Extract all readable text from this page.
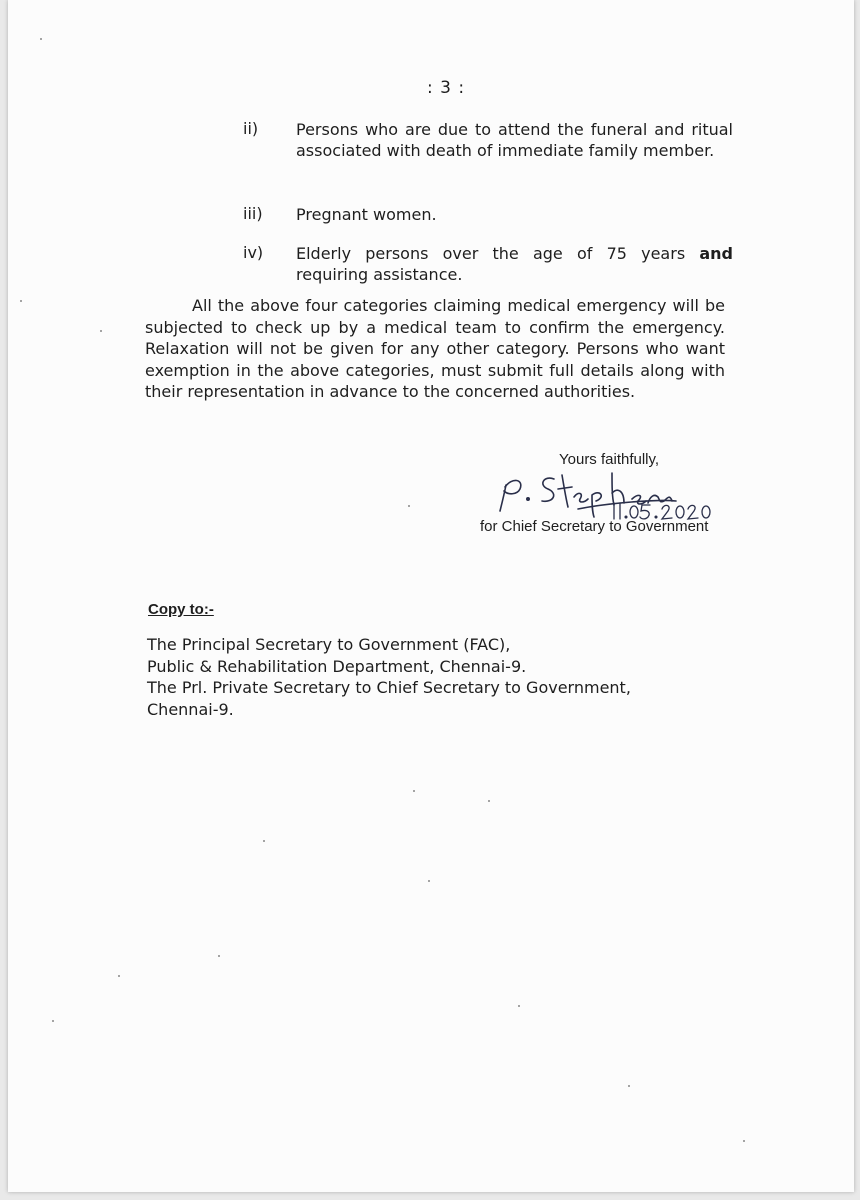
: 3 :
ii) Persons who are due to attend the funeral and ritual associated with death of immediate family member.
iii) Pregnant women.
iv) Elderly persons over the age of 75 years and requiring assistance.
All the above four categories claiming medical emergency will be subjected to check up by a medical team to confirm the emergency. Relaxation will not be given for any other category. Persons who want exemption in the above categories, must submit full details along with their representation in advance to the concerned authorities.
Yours faithfully,
for Chief Secretary to Government
Copy to:-
The Principal Secretary to Government (FAC),
Public & Rehabilitation Department, Chennai-9.
The Prl. Private Secretary to Chief Secretary to Government,
Chennai-9.
